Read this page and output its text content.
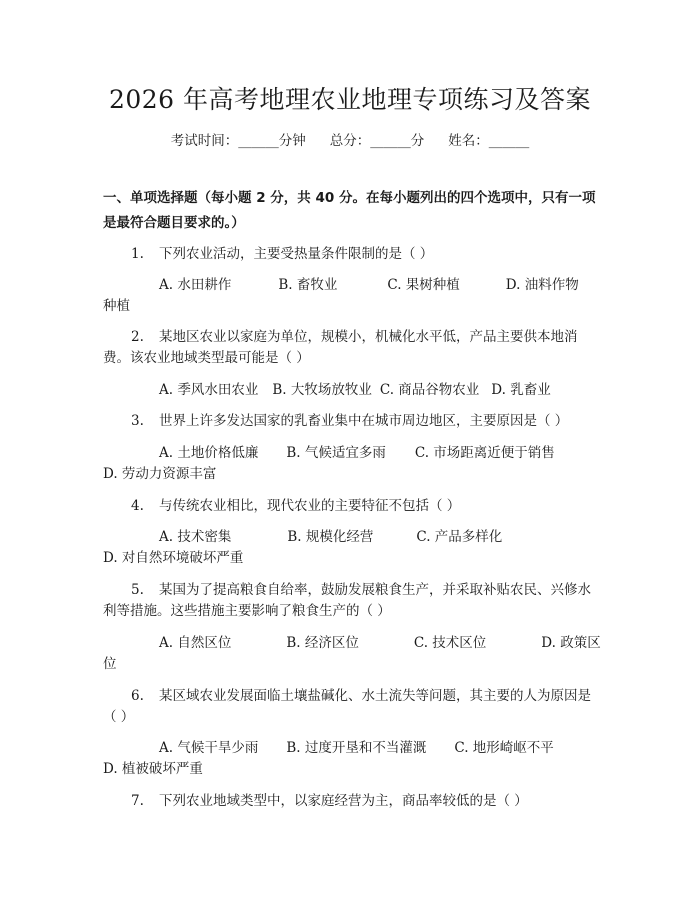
2026 年高考地理农业地理专项练习及答案
考试时间：______分钟 总分：______分 姓名：______
一、单项选择题（每小题 2 分，共 40 分。在每小题列出的四个选项中，只有一项
是最符合题目要求的。）
1. 下列农业活动，主要受热量条件限制的是（ ）
A. 水田耕作	B. 畜牧业	C. 果树种植	D. 油料作物
种植
2. 某地区农业以家庭为单位，规模小，机械化水平低，产品主要供本地消
费。该农业地域类型最可能是（ ）
A. 季风水田农业 B. 大牧场放牧业 C. 商品谷物农业 D. 乳畜业
3. 世界上许多发达国家的乳畜业集中在城市周边地区，主要原因是（ ）
A. 土地价格低廉 B. 气候适宜多雨 C. 市场距离近便于销售
D. 劳动力资源丰富
4. 与传统农业相比，现代农业的主要特征不包括（ ）
A. 技术密集	B. 规模化经营	C. 产品多样化
D. 对自然环境破坏严重
5. 某国为了提高粮食自给率，鼓励发展粮食生产，并采取补贴农民、兴修水
利等措施。这些措施主要影响了粮食生产的（ ）
A. 自然区位	B. 经济区位	C. 技术区位	D. 政策区
位
6. 某区域农业发展面临土壤盐碱化、水土流失等问题，其主要的人为原因是
（ ）
A. 气候干旱少雨 B. 过度开垦和不当灌溉 C. 地形崎岖不平
D. 植被破坏严重
7. 下列农业地域类型中，以家庭经营为主，商品率较低的是（ ）
